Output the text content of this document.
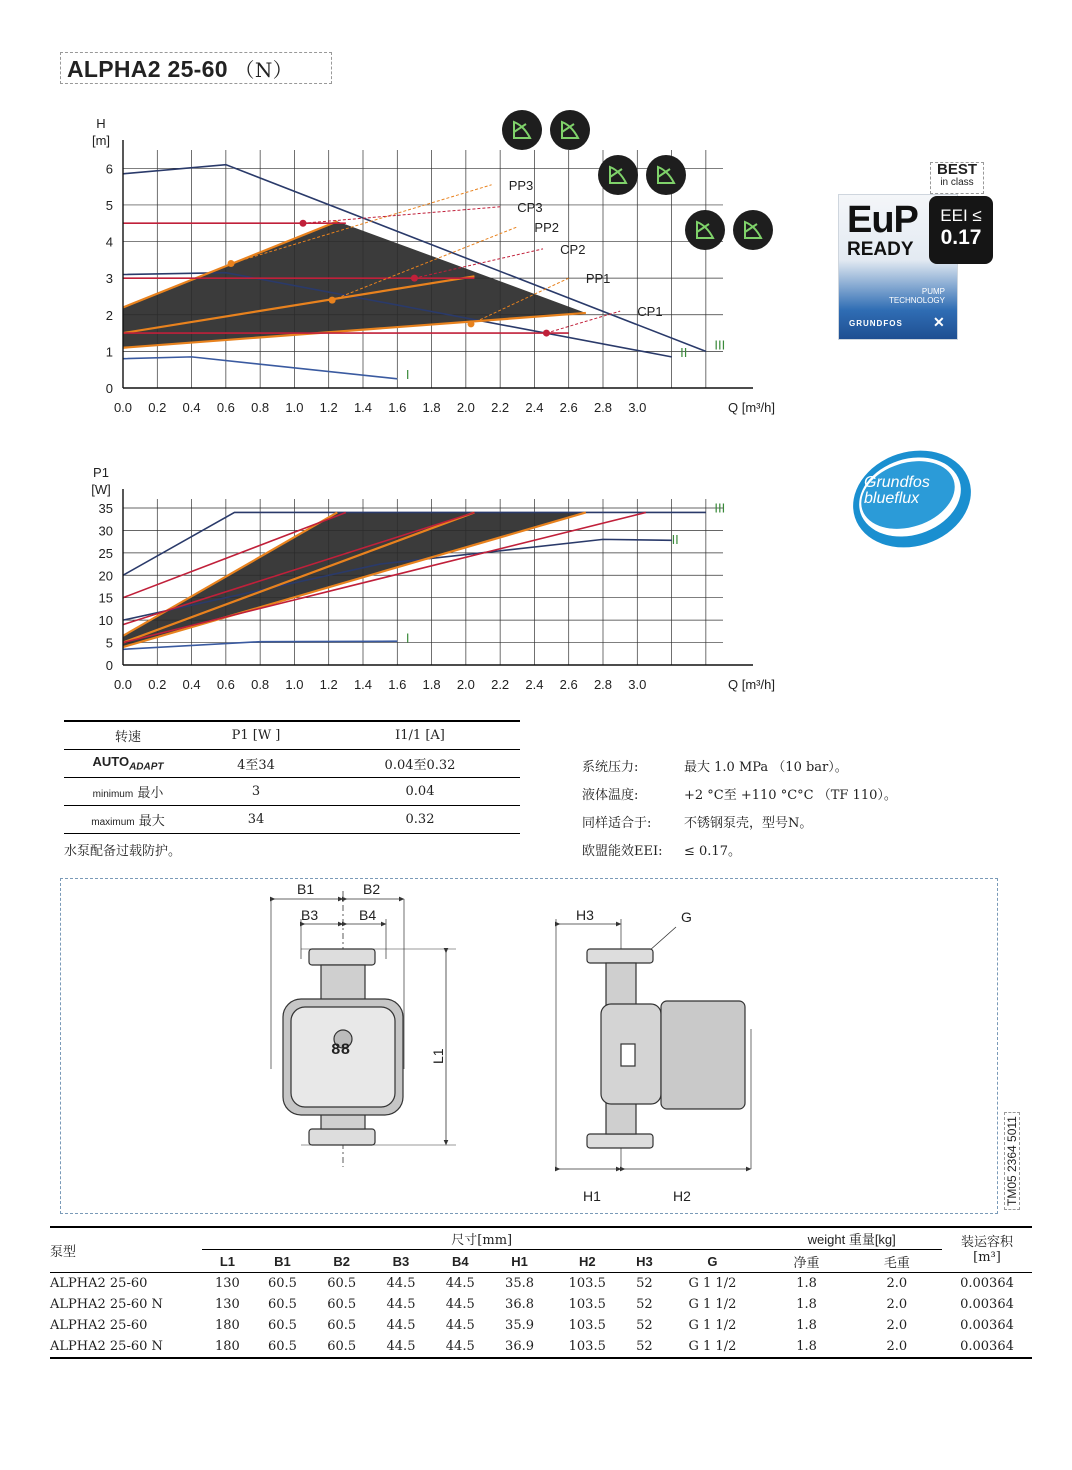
ALPHA2 25-60 （N）
0.0 0.2 0.4 0.6 0.8 1.0 1.2 1.4 1.6 1.8 2.0 2.2 2.4 2.6 2.8 3.0
0
1
2
3
4
5
6
H
[m]
Q [m³/h]
III
II
I
PP3
CP3
PP2
CP2
PP1
CP1
0.0 0.2 0.4 0.6 0.8 1.0 1.2 1.4 1.6 1.8 2.0 2.2 2.4 2.6 2.8 3.0
0
5
10
15
20
25
30
35
P1
[W]
Q [m³/h]
III
II
I
BEST
in class
EuP
READY
PUMP
TECHNOLOGY
GRUNDFOS ✕
EEI ≤
0.17
Grundfos
blueflux
转速	P1 [W ]	I1/1 [A]
$AUTO_{ADAPT}$	4至34	0.04至0.32
minimum 最小	3	0.04
maximum 最大	34	0.32
水泵配备过载防护。
系统压力:	最大 1.0 MPa （10 bar）。
液体温度:	+2 °C至 +110 °C°C （TF 110）。
同样适合于:	不锈钢泵壳，型号N。
欧盟能效EEI: ≤ 0.17。
88
B1	B2
B3	B4
L1
H3	G
H1	H2	TM05 2364 5011
泵型	尺寸[mm]									weight 重量[kg]		装运容积
[m³]

	L1	B1	B2	B3	B4	H1	H2	H3	G	净重	毛重	
ALPHA2 25-60	130	60.5	60.5	44.5	44.5	35.8	103.5	52	G 1 1/2	1.8	2.0	0.00364
ALPHA2 25-60 N	130	60.5	60.5	44.5	44.5	36.8	103.5	52	G 1 1/2	1.8	2.0	0.00364
ALPHA2 25-60	180	60.5	60.5	44.5	44.5	35.9	103.5	52	G 1 1/2	1.8	2.0	0.00364
ALPHA2 25-60 N	180	60.5	60.5	44.5	44.5	36.9	103.5	52	G 1 1/2	1.8	2.0	0.00364
